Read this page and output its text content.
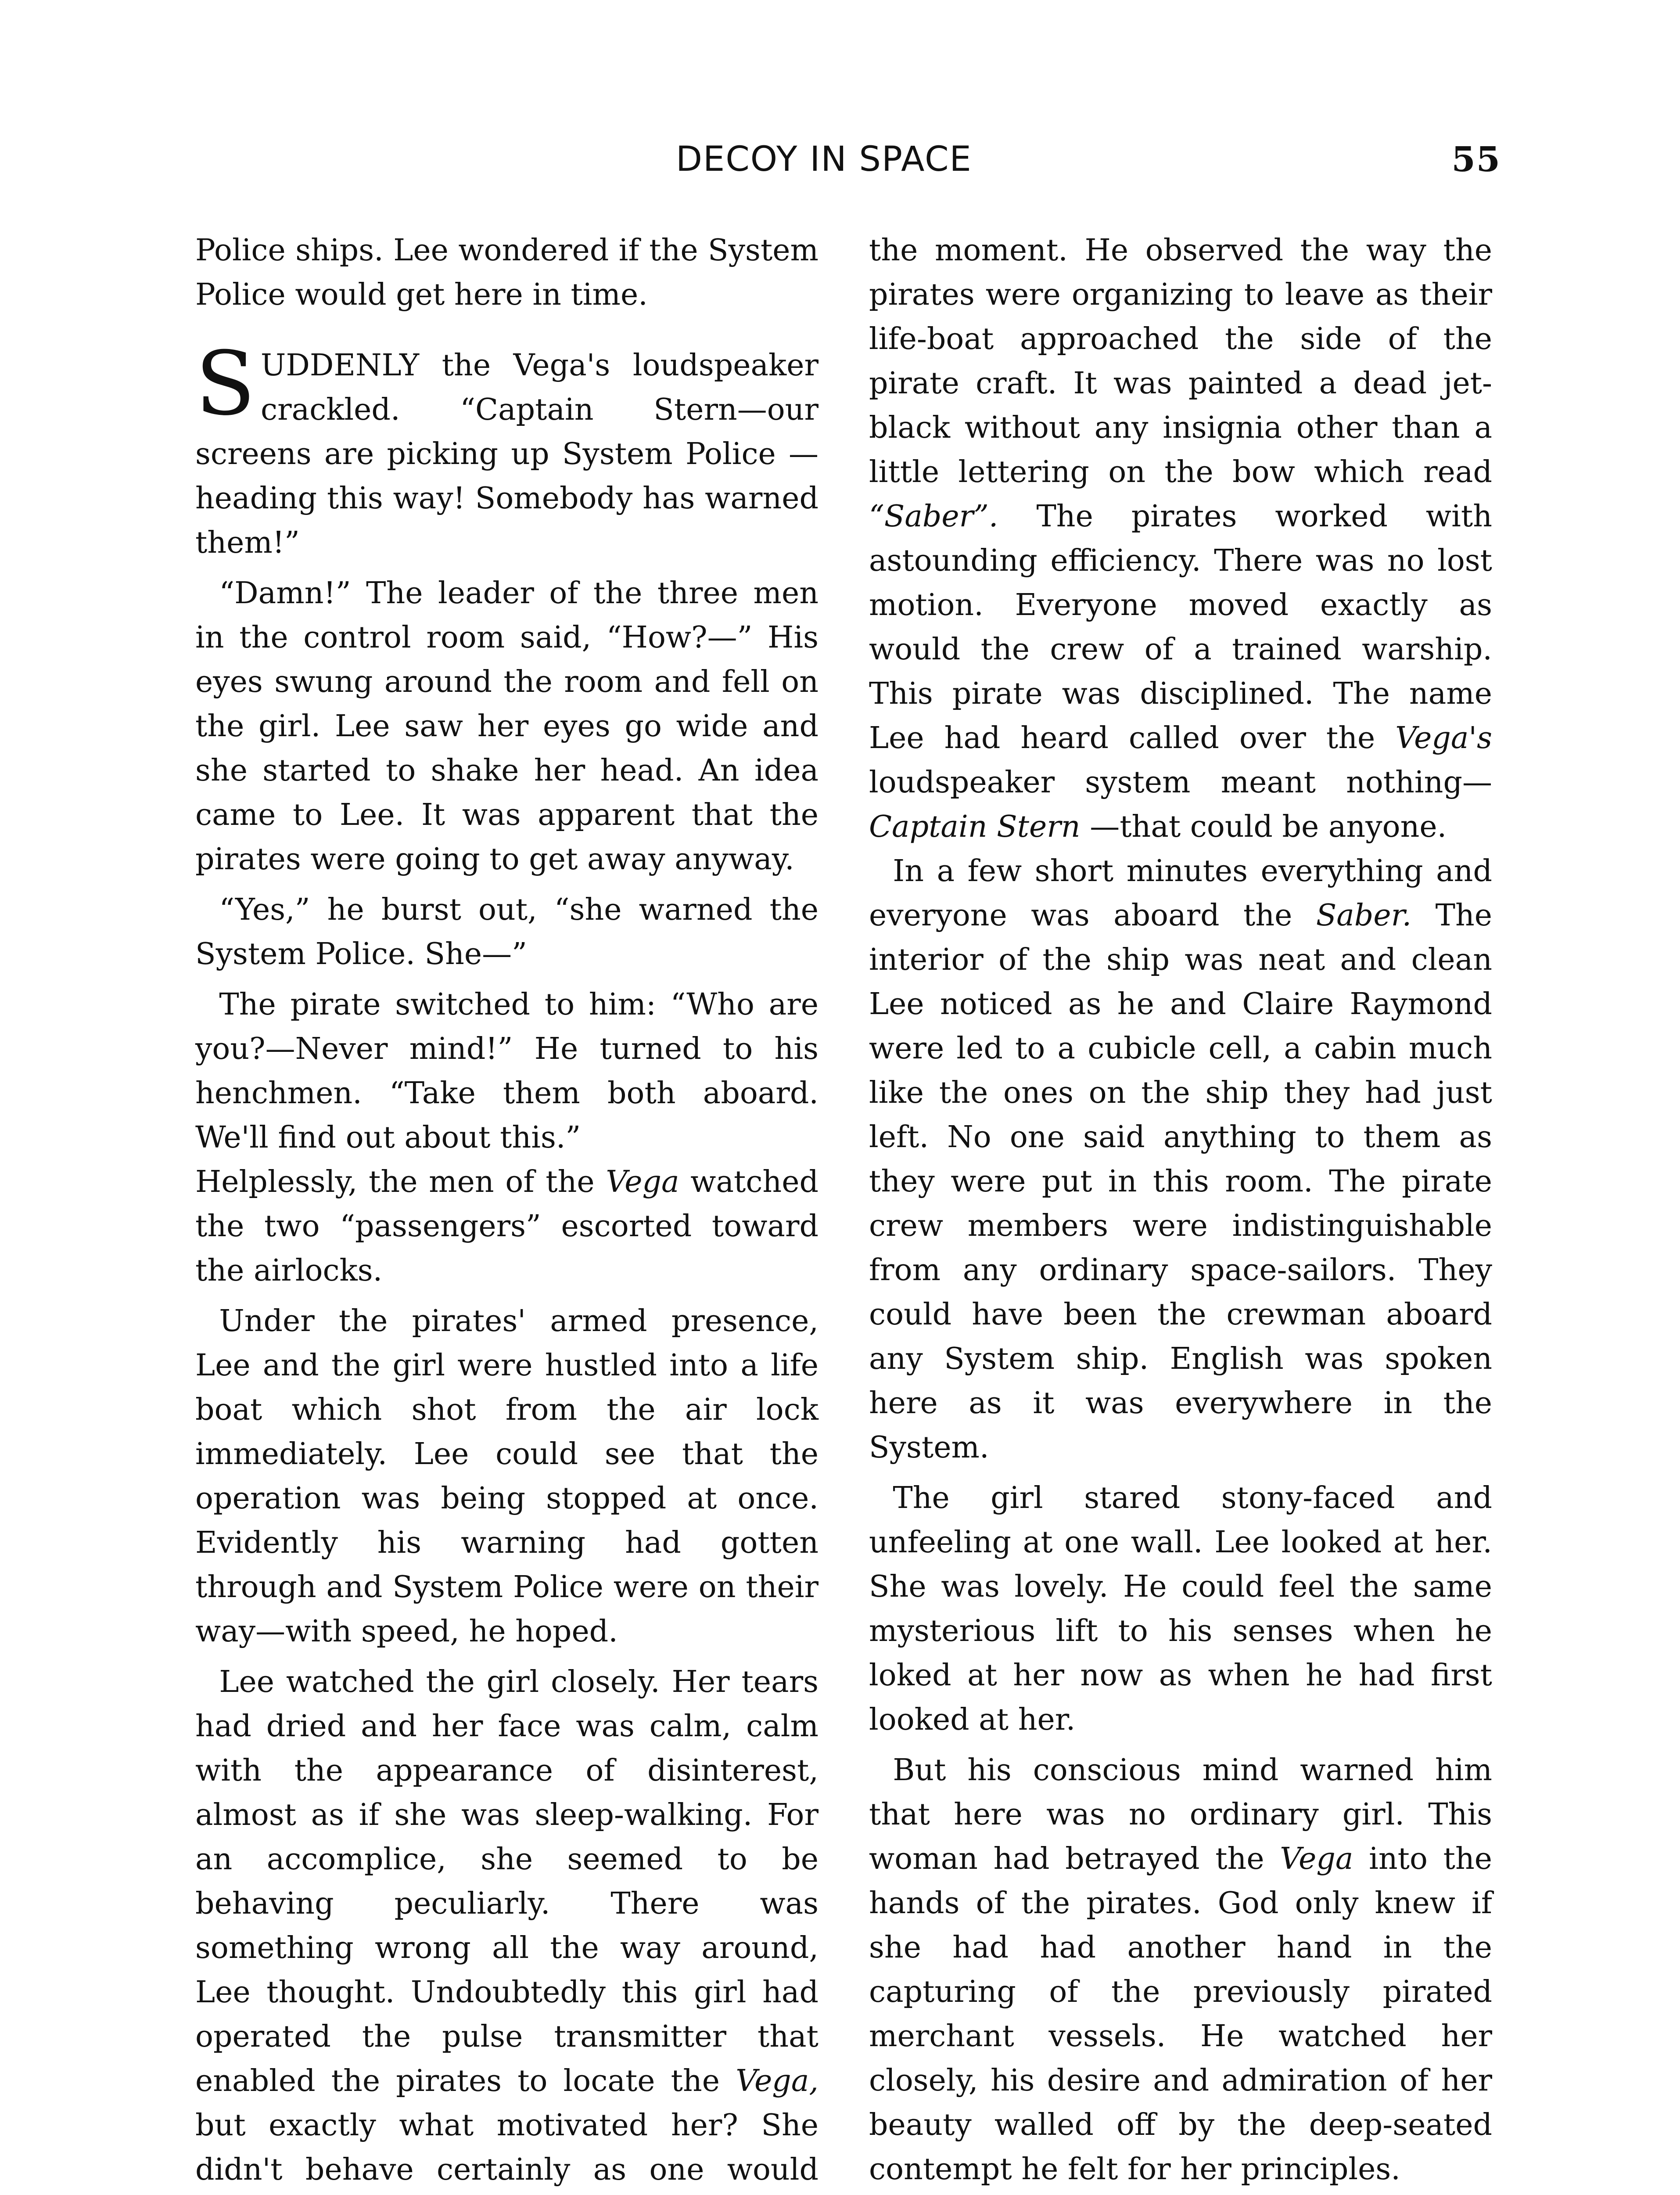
DECOY IN SPACE	55

Police ships. Lee wondered if the System Police would get here in time.

SUDDENLY the Vega's loudspeaker crackled. “Captain Stern—our screens are picking up System Police —heading this way! Somebody has warned them!”

“Damn!” The leader of the three men in the control room said, “How?—” His eyes swung around the room and fell on the girl. Lee saw her eyes go wide and she started to shake her head. An idea came to Lee. It was apparent that the pirates were going to get away anyway.

“Yes,” he burst out, “she warned the System Police. She—”

The pirate switched to him: “Who are you?—Never mind!” He turned to his henchmen. “Take them both aboard. We'll find out about this.”

Helplessly, the men of the Vega watched the two “passengers” escorted toward the airlocks.

Under the pirates' armed presence, Lee and the girl were hustled into a life boat which shot from the air lock immediately. Lee could see that the operation was being stopped at once. Evidently his warning had gotten through and System Police were on their way—with speed, he hoped.

Lee watched the girl closely. Her tears had dried and her face was calm, calm with the appearance of disinterest, almost as if she was sleep-walking. For an accomplice, she seemed to be behaving peculiarly. There was something wrong all the way around, Lee thought. Undoubtedly this girl had operated the pulse transmitter that enabled the pirates to locate the Vega, but exactly what motivated her? She didn't behave certainly as one would

the moment. He observed the way the pirates were organizing to leave as their life-boat approached the side of the pirate craft. It was painted a dead jet-black without any insignia other than a little lettering on the bow which read “Saber”. The pirates worked with astounding efficiency. There was no lost motion. Everyone moved exactly as would the crew of a trained warship. This pirate was disciplined. The name Lee had heard called over the Vega's loudspeaker system meant nothing—Captain Stern —that could be anyone.

In a few short minutes everything and everyone was aboard the Saber. The interior of the ship was neat and clean Lee noticed as he and Claire Raymond were led to a cubicle cell, a cabin much like the ones on the ship they had just left. No one said anything to them as they were put in this room. The pirate crew members were indistinguishable from any ordinary space-sailors. They could have been the crewman aboard any System ship. English was spoken here as it was everywhere in the System.

The girl stared stony-faced and unfeeling at one wall. Lee looked at her. She was lovely. He could feel the same mysterious lift to his senses when he loked at her now as when he had first looked at her.

But his conscious mind warned him that here was no ordinary girl. This woman had betrayed the Vega into the hands of the pirates. God only knew if she had had another hand in the capturing of the previously pirated merchant vessels. He watched her closely, his desire and admiration of her beauty walled off by the deep-seated contempt he felt for her principles.
